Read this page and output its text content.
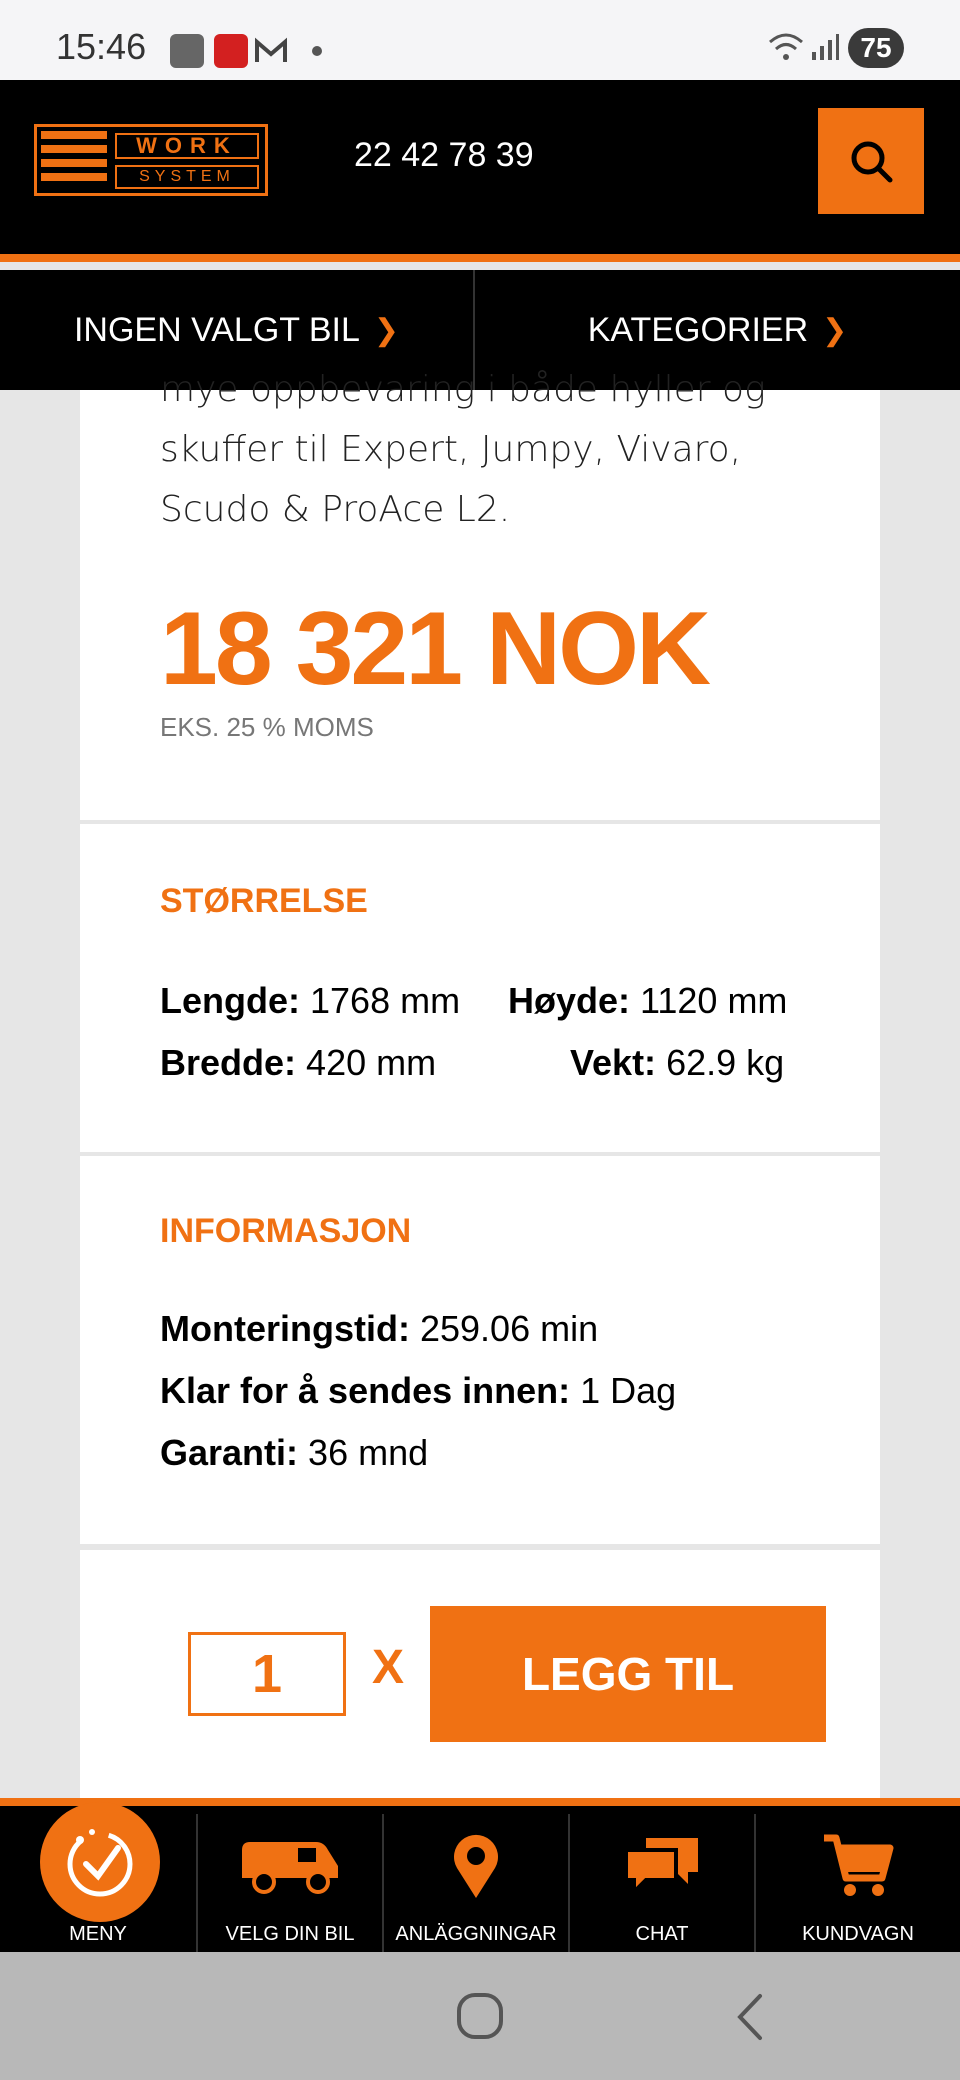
15:46	75
WORK
SYSTEM
22 42 78 39
INGEN VALGT BIL ❯	KATEGORIER ❯
mye oppbevaring i både hyller og
skuffer til Expert, Jumpy, Vivaro,
Scudo & ProAce L2.
18 321 NOK
EKS. 25 % MOMS
STØRRELSE
Lengde: 1768 mm Høyde: 1120 mm
Bredde: 420 mm	Vekt: 62.9 kg
INFORMASJON
Monteringstid: 259.06 min
Klar for å sendes innen: 1 Dag
Garanti: 36 mnd
1
X	LEGG TIL
MENY	VELG DIN BIL	ANLÄGGNINGAR	CHAT	KUNDVAGN
